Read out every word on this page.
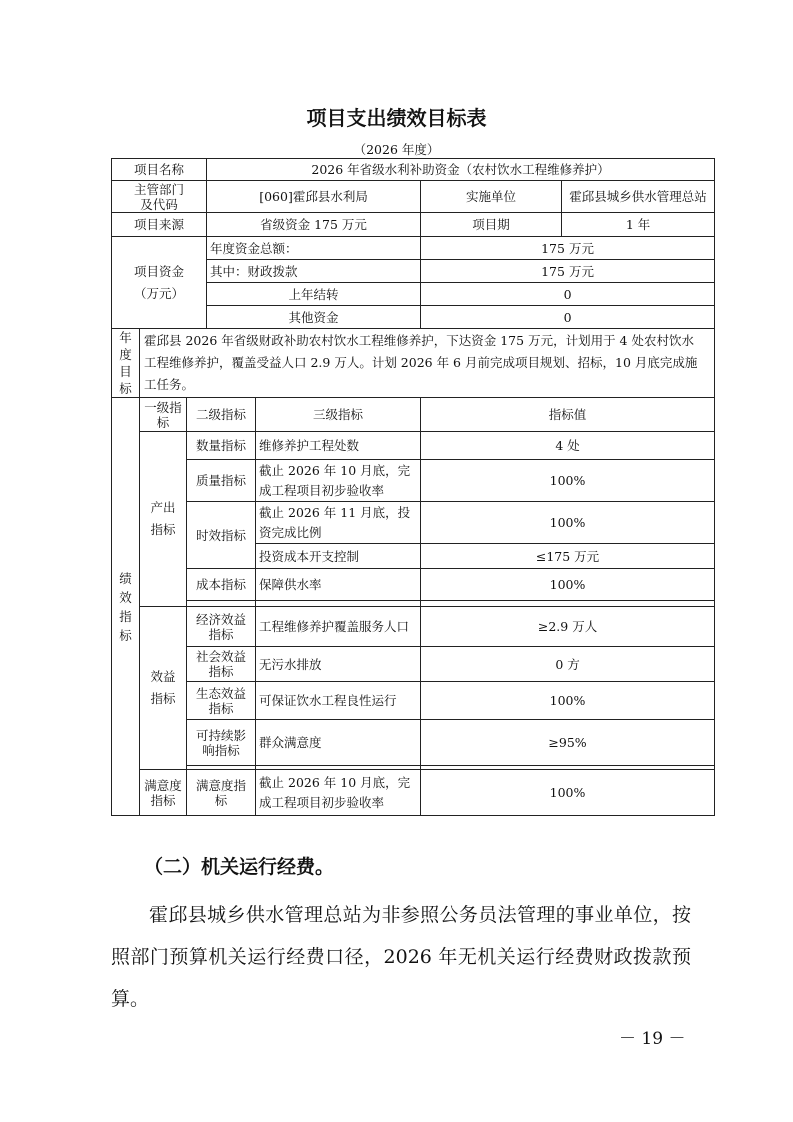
项目支出绩效目标表
（2026 年度）
项目名称			2026 年省级水利补助资金（农村饮水工程维修养护）			

主管部门
及代码			[060]霍邱县水利局		实施单位	霍邱县城乡供水管理总站
项目来源			省级资金 175 万元		项目期	1 年

项目资金
（万元）			年度资金总额：		175 万元	
			其中：财政拨款		175 万元	
			上年结转		0	
			其他资金		0	

年度目标	霍邱县 2026 年省级财政补助农村饮水工程维修养护，下达资金 175 万元，计划用于 4 处农村饮水工程维修养护，覆盖受益人口 2.9 万人。计划 2026 年 6 月前完成项目规划、招标，10 月底完成施工任务。					

绩效指标	一级指标	二级指标		三级指标	指标值	

	产出指标	数量指标		维修养护工程处数	4 处	
		质量指标		截止 2026 年 10 月底，完成工程项目初步验收率	100%	
		时效指标		截止 2026 年 11 月底，投资完成比例	100%	
				投资成本开支控制	≤175 万元	
		成本指标		保障供水率	100%	

	效益指标	经济效益指标		工程维修养护覆盖服务人口	≥2.9 万人	
		社会效益指标		无污水排放	0 方	
		生态效益指标		可保证饮水工程良性运行	100%	
		可持续影响指标		群众满意度	≥95%	

	满意度指标	满意度指标		截止 2026 年 10 月底，完成工程项目初步验收率	100%	
（二）机关运行经费。
霍邱县城乡供水管理总站为非参照公务员法管理的事业单位，按照部门预算机关运行经费口径，2026 年无机关运行经费财政拨款预算。
－ 19 －
